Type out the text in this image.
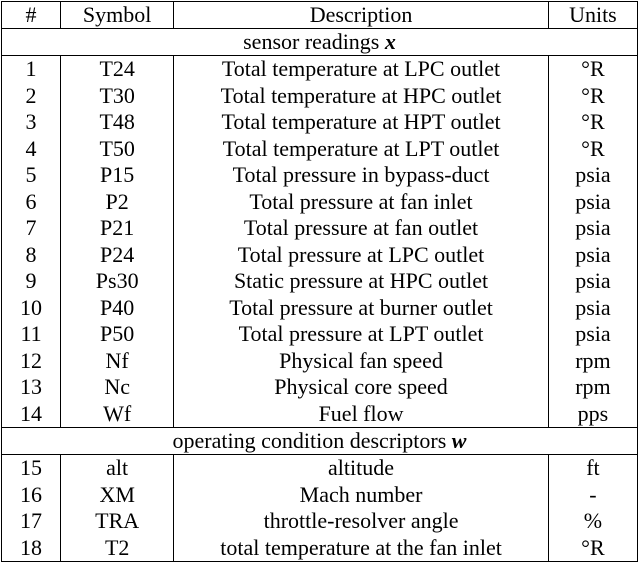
#	Symbol	Description	Units
sensor readings x			
1	T24	Total temperature at LPC outlet	°R
2	T30	Total temperature at HPC outlet	°R
3	T48	Total temperature at HPT outlet	°R
4	T50	Total temperature at LPT outlet	°R
5	P15	Total pressure in bypass-duct	psia
6	P2	Total pressure at fan inlet	psia
7	P21	Total pressure at fan outlet	psia
8	P24	Total pressure at LPC outlet	psia
9	Ps30	Static pressure at HPC outlet	psia
10	P40	Total pressure at burner outlet	psia
11	P50	Total pressure at LPT outlet	psia
12	Nf	Physical fan speed	rpm
13	Nc	Physical core speed	rpm
14	Wf	Fuel flow	pps
operating condition descriptors w			
15	alt	altitude	ft
16	XM	Mach number	-
17	TRA	throttle-resolver angle	%
18	T2	total temperature at the fan inlet	°R
